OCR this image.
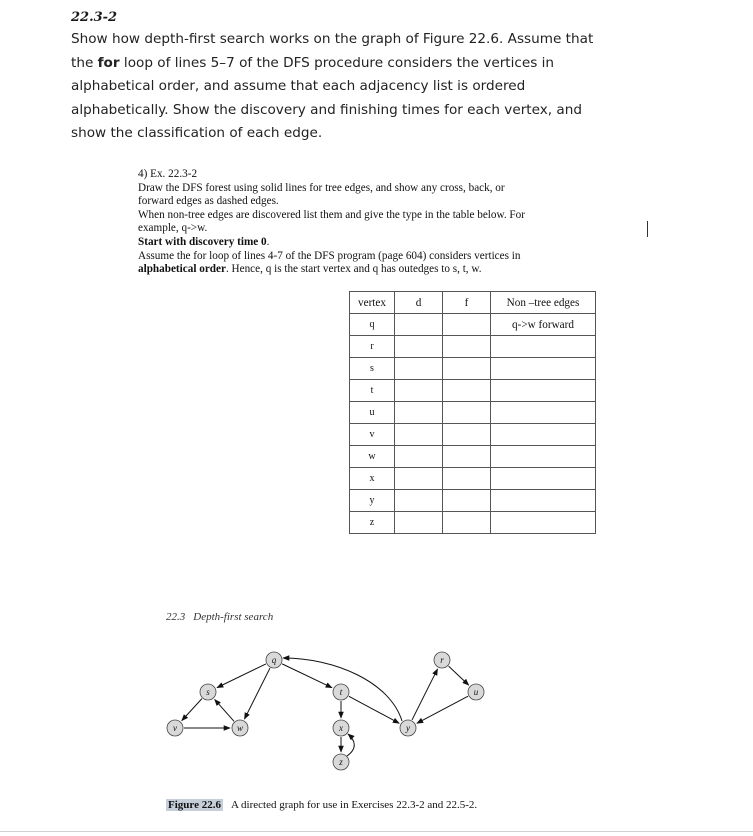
22.3-2
Show how depth-first search works on the graph of Figure 22.6. Assume that the for loop of lines 5–7 of the DFS procedure considers the vertices in alphabetical order, and assume that each adjacency list is ordered alphabetically. Show the discovery and finishing times for each vertex, and show the classification of each edge.
4) Ex. 22.3-2
Draw the DFS forest using solid lines for tree edges, and show any cross, back, or
forward edges as dashed edges.
When non-tree edges are discovered list them and give the type in the table below. For
example, q->w.
Start with discovery time 0.
Assume the for loop of lines 4-7 of the DFS program (page 604) considers vertices in
alphabetical order. Hence, q is the start vertex and q has outedges to s, t, w.
vertex	d	f	Non –tree edges
q			q->w forward
r			
s			
t			
u			
v			
w			
x			
y			
z			
22.3 Depth-first search
q	r
s	t	u
v	w	x	y
z
Figure 22.6 A directed graph for use in Exercises 22.3-2 and 22.5-2.
